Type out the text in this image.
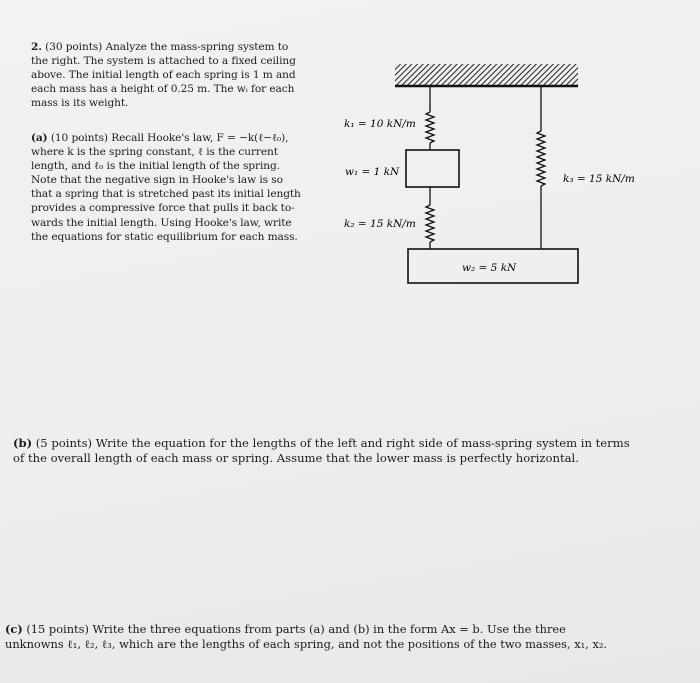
2. (30 points) Analyze the mass-spring system to
the right. The system is attached to a fixed ceiling
above. The initial length of each spring is 1 m and
each mass has a height of 0.25 m. The wᵢ for each
mass is its weight.
(a) (10 points) Recall Hooke's law, F = −k(ℓ−ℓ₀),
where k is the spring constant, ℓ is the current
length, and ℓ₀ is the initial length of the spring.
Note that the negative sign in Hooke's law is so
that a spring that is stretched past its initial length
provides a compressive force that pulls it back to-
wards the initial length. Using Hooke's law, write
the equations for static equilibrium for each mass.
k₁ = 10 kN/m
w₁ = 1 kN
k₂ = 15 kN/m
k₃ = 15 kN/m
w₂ = 5 kN
(b) (5 points) Write the equation for the lengths of the left and right side of mass-spring system in terms
of the overall length of each mass or spring. Assume that the lower mass is perfectly horizontal.
(c) (15 points) Write the three equations from parts (a) and (b) in the form Ax = b. Use the three
unknowns ℓ₁, ℓ₂, ℓ₃, which are the lengths of each spring, and not the positions of the two masses, x₁, x₂.
